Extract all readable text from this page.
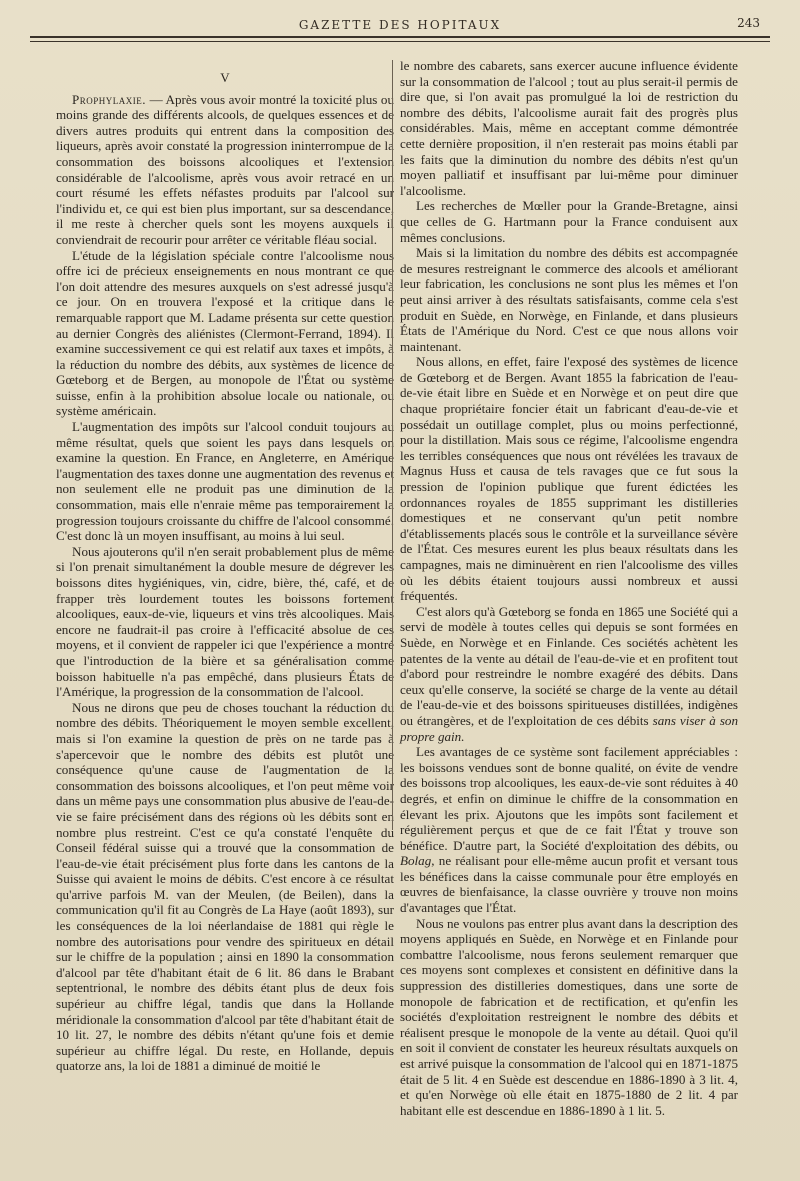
GAZETTE DES HOPITAUX	243
V

Prophylaxie. — Après vous avoir montré la toxicité plus ou moins grande des différents alcools, de quelques essences et de divers autres produits qui entrent dans la composition des liqueurs, après avoir constaté la progression ininterrompue de la consommation des boissons alcooliques et l'extension considérable de l'alcoolisme, après vous avoir retracé en un court résumé les effets néfastes produits par l'alcool sur l'individu et, ce qui est bien plus important, sur sa descendance, il me reste à chercher quels sont les moyens auxquels il conviendrait de recourir pour arrêter ce véritable fléau social.

L'étude de la législation spéciale contre l'alcoolisme nous offre ici de précieux enseignements en nous montrant ce que l'on doit attendre des mesures auxquels on s'est adressé jusqu'à ce jour. On en trouvera l'exposé et la critique dans le remarquable rapport que M. Ladame présenta sur cette question au dernier Congrès des aliénistes (Clermont-Ferrand, 1894). Il examine successivement ce qui est relatif aux taxes et impôts, à la réduction du nombre des débits, aux systèmes de licence de Gœteborg et de Bergen, au monopole de l'État ou système suisse, enfin à la prohibition absolue locale ou nationale, ou système américain.

L'augmentation des impôts sur l'alcool conduit toujours au même résultat, quels que soient les pays dans lesquels on examine la question. En France, en Angleterre, en Amérique l'augmentation des taxes donne une augmentation des revenus et non seulement elle ne produit pas une diminution de la consommation, mais elle n'enraie même pas temporairement la progression toujours croissante du chiffre de l'alcool consommé. C'est donc là un moyen insuffisant, au moins à lui seul.

Nous ajouterons qu'il n'en serait probablement plus de même si l'on prenait simultanément la double mesure de dégrever les boissons dites hygiéniques, vin, cidre, bière, thé, café, et de frapper très lourdement toutes les boissons fortement alcooliques, eaux-de-vie, liqueurs et vins très alcooliques. Mais encore ne faudrait-il pas croire à l'efficacité absolue de ces moyens, et il convient de rappeler ici que l'expérience a montré que l'introduction de la bière et sa généralisation comme boisson habituelle n'a pas empêché, dans plusieurs États de l'Amérique, la progression de la consommation de l'alcool.

Nous ne dirons que peu de choses touchant la réduction du nombre des débits. Théoriquement le moyen semble excellent, mais si l'on examine la question de près on ne tarde pas à s'apercevoir que le nombre des débits est plutôt une conséquence qu'une cause de l'augmentation de la consommation des boissons alcooliques, et l'on peut même voir dans un même pays une consommation plus abusive de l'eau-de-vie se faire précisément dans des régions où les débits sont en nombre plus restreint. C'est ce qu'a constaté l'enquête du Conseil fédéral suisse qui a trouvé que la consommation de l'eau-de-vie était précisément plus forte dans les cantons de la Suisse qui avaient le moins de débits. C'est encore à ce résultat qu'arrive parfois M. van der Meulen, (de Beilen), dans la communication qu'il fit au Congrès de La Haye (août 1893), sur les conséquences de la loi néerlandaise de 1881 qui règle le nombre des autorisations pour vendre des spiritueux en détail sur le chiffre de la population ; ainsi en 1890 la consommation d'alcool par tête d'habitant était de 6 lit. 86 dans le Brabant septentrional, le nombre des débits étant plus de deux fois supérieur au chiffre légal, tandis que dans la Hollande méridionale la consommation d'alcool par tête d'habitant était de 10 lit. 27, le nombre des débits n'étant qu'une fois et demie supérieur au chiffre légal. Du reste, en Hollande, depuis quatorze ans, la loi de 1881 a diminué de moitié le

le nombre des cabarets, sans exercer aucune influence évidente sur la consommation de l'alcool ; tout au plus serait-il permis de dire que, si l'on avait pas promulgué la loi de restriction du nombre des débits, l'alcoolisme aurait fait des progrès plus considérables. Mais, même en acceptant comme démontrée cette dernière proposition, il n'en resterait pas moins établi par les faits que la diminution du nombre des débits n'est qu'un moyen palliatif et insuffisant par lui-même pour diminuer l'alcoolisme.

Les recherches de Mœller pour la Grande-Bretagne, ainsi que celles de G. Hartmann pour la France conduisent aux mêmes conclusions.

Mais si la limitation du nombre des débits est accompagnée de mesures restreignant le commerce des alcools et améliorant leur fabrication, les conclusions ne sont plus les mêmes et l'on peut ainsi arriver à des résultats satisfaisants, comme cela s'est produit en Suède, en Norwège, en Finlande, et dans plusieurs États de l'Amérique du Nord. C'est ce que nous allons voir maintenant.

Nous allons, en effet, faire l'exposé des systèmes de licence de Gœteborg et de Bergen. Avant 1855 la fabrication de l'eau-de-vie était libre en Suède et en Norwège et on peut dire que chaque propriétaire foncier était un fabricant d'eau-de-vie et possédait un outillage complet, plus ou moins perfectionné, pour la distillation. Mais sous ce régime, l'alcoolisme engendra les terribles conséquences que nous ont révélées les travaux de Magnus Huss et causa de tels ravages que ce fut sous la pression de l'opinion publique que furent édictées les ordonnances royales de 1855 supprimant les distilleries domestiques et ne conservant qu'un petit nombre d'établissements placés sous le contrôle et la surveillance sévère de l'État. Ces mesures eurent les plus beaux résultats dans les campagnes, mais ne diminuèrent en rien l'alcoolisme des villes où les débits étaient toujours aussi nombreux et aussi fréquentés.

C'est alors qu'à Gœteborg se fonda en 1865 une Société qui a servi de modèle à toutes celles qui depuis se sont formées en Suède, en Norwège et en Finlande. Ces sociétés achètent les patentes de la vente au détail de l'eau-de-vie et en profitent tout d'abord pour restreindre le nombre exagéré des débits. Dans ceux qu'elle conserve, la société se charge de la vente au détail de l'eau-de-vie et des boissons spiritueuses distillées, indigènes ou étrangères, et de l'exploitation de ces débits sans viser à son propre gain.

Les avantages de ce système sont facilement appréciables : les boissons vendues sont de bonne qualité, on évite de vendre des boissons trop alcooliques, les eaux-de-vie sont réduites à 40 degrés, et enfin on diminue le chiffre de la consommation en élevant les prix. Ajoutons que les impôts sont facilement et régulièrement perçus et que de ce fait l'État y trouve son bénéfice. D'autre part, la Société d'exploitation des débits, ou Bolag, ne réalisant pour elle-même aucun profit et versant tous les bénéfices dans la caisse communale pour être employés en œuvres de bienfaisance, la classe ouvrière y trouve non moins d'avantages que l'État.

Nous ne voulons pas entrer plus avant dans la description des moyens appliqués en Suède, en Norwège et en Finlande pour combattre l'alcoolisme, nous ferons seulement remarquer que ces moyens sont complexes et consistent en définitive dans la suppression des distilleries domestiques, dans une sorte de monopole de fabrication et de rectification, et qu'enfin les sociétés d'exploitation restreignent le nombre des débits et réalisent presque le monopole de la vente au détail. Quoi qu'il en soit il convient de constater les heureux résultats auxquels on est arrivé puisque la consommation de l'alcool qui en 1871-1875 était de 5 lit. 4 en Suède est descendue en 1886-1890 à 3 lit. 4, et qu'en Norwège où elle était en 1875-1880 de 2 lit. 4 par habitant elle est descendue en 1886-1890 à 1 lit. 5.
